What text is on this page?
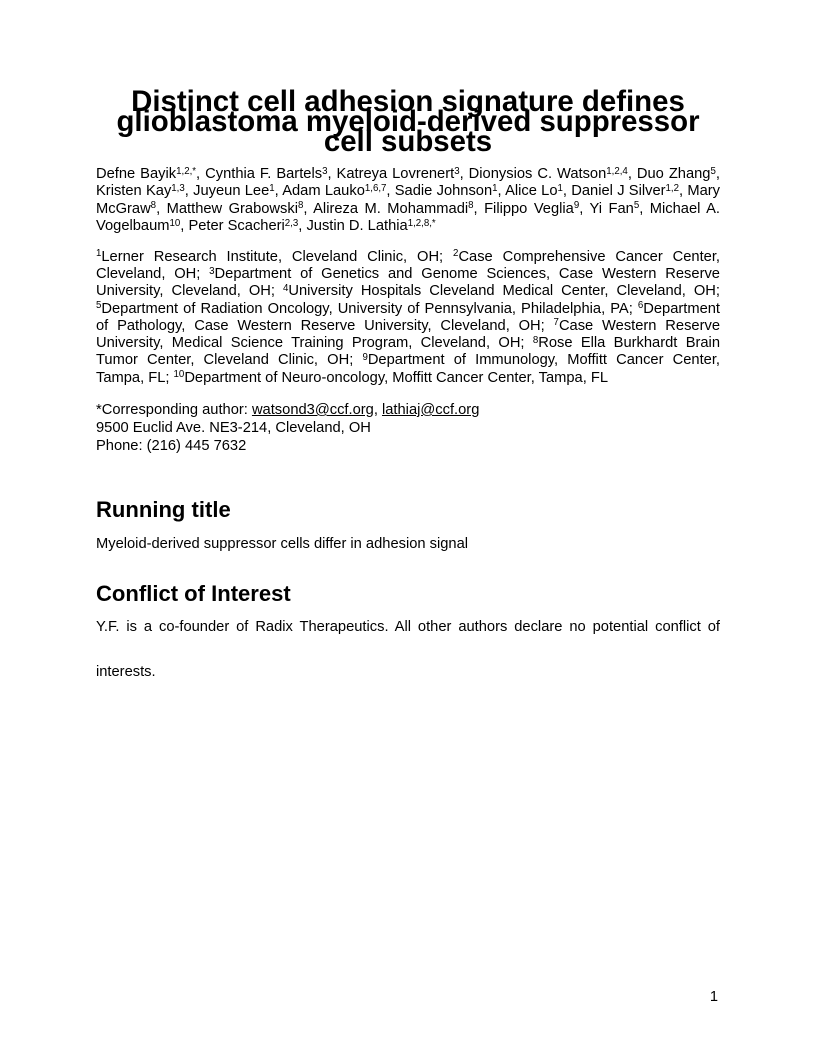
Distinct cell adhesion signature defines glioblastoma myeloid-derived suppressor cell subsets

Defne Bayik$^{1,2,*}$, Cynthia F. Bartels$^3$, Katreya Lovrenert$^3$, Dionysios C. Watson$^{1,2,4}$, Duo Zhang$^5$, Kristen Kay$^{1,3}$, Juyeun Lee$^1$, Adam Lauko$^{1,6,7}$, Sadie Johnson$^1$, Alice Lo$^1$, Daniel J Silver$^{1,2}$, Mary McGraw$^8$, Matthew Grabowski$^8$, Alireza M. Mohammadi$^8$, Filippo Veglia$^9$, Yi Fan$^5$, Michael A. Vogelbaum$^{10}$, Peter Scacheri$^{2,3}$, Justin D. Lathia$^{1,2,8,*}$

$^1$Lerner Research Institute, Cleveland Clinic, OH; $^2$Case Comprehensive Cancer Center, Cleveland, OH; $^3$Department of Genetics and Genome Sciences, Case Western Reserve University, Cleveland, OH; $^4$University Hospitals Cleveland Medical Center, Cleveland, OH; $^5$Department of Radiation Oncology, University of Pennsylvania, Philadelphia, PA; $^6$Department of Pathology, Case Western Reserve University, Cleveland, OH; $^7$Case Western Reserve University, Medical Science Training Program, Cleveland, OH; $^8$Rose Ella Burkhardt Brain Tumor Center, Cleveland Clinic, OH; $^9$Department of Immunology, Moffitt Cancer Center, Tampa, FL; $^{10}$Department of Neuro-oncology, Moffitt Cancer Center, Tampa, FL

*Corresponding author: watsond3@ccf.org, lathiaj@ccf.org
9500 Euclid Ave. NE3-214, Cleveland, OH
Phone: (216) 445 7632
Running title

Myeloid-derived suppressor cells differ in adhesion signal

Conflict of Interest

Y.F. is a co-founder of Radix Therapeutics. All other authors declare no potential conflict of interests.

1
